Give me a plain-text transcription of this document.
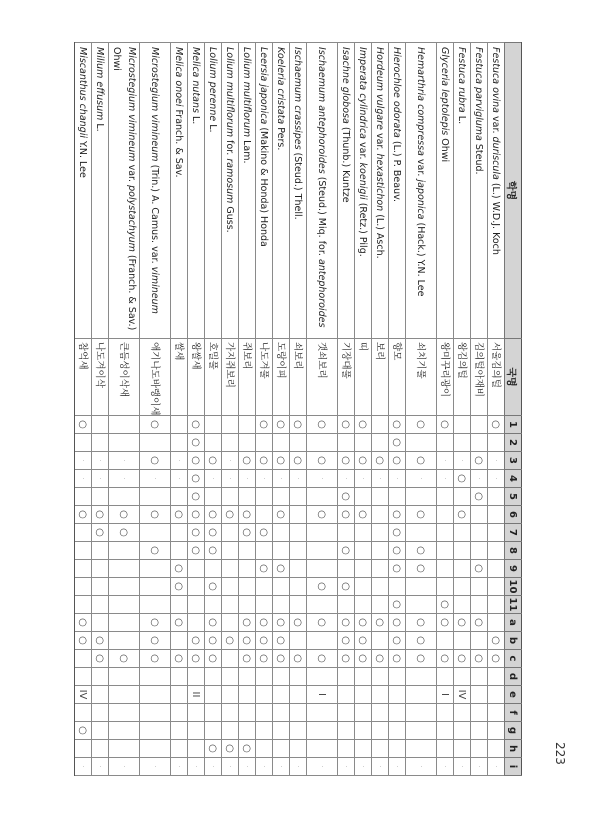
학명	국명	1	2	3	4	5	6	7	8	9	10	11	a	b	c	d	e	f	g	h	i
Festuca ovina var. duriscula (L.) W.D.J. Koch	서울김의털	○		·	·									○	○						·
Festuca parvigluma Steud.	김의털아재비			○	·	○				○			○		○						·
Festuca rubra L.	왕김의털			·	○		○						○		○		IV				·
Glyceria leptolepis Ohwi	왕미꾸리광이	○		·	·							○	○		○		I				·
Hemarthria compressa var. japonica (Hack.) Y.N. Lee	쇠치기풀	○		○	·		○		○	○			○	○	○						·
Hierochloe odorata (L.) P. Beauv.	향모	○	○	○	·		○	○	○	○		○	○	○	○						·
Hordeum vulgare var. hexastichon (L.) Asch.	보리			○	·								○		○						·
Imperata cylindrica var. koenigii (Retz.) Pilg.	띠	○		○	·		○						○	○	○						·
Isachne globosa (Thunb.) Kuntze	기장대풀	○		○	·	○	○		○		○		○	○	○						·
Ischaemum antephoroides (Steud.) Miq. for. antephoroides	갯쇠보리	○		○	·		○				○		○		○		I				·
Ischaemum crassipes (Steud.) Thell.	쇠보리	○		○	·								○		○						·
Koeleria cristata Pers.	도랑이피	○		○	·		○			○			○	○	○						·
Leersia japonica (Makino & Honda) Honda	나도겨풀	○		○	·			○		○			○	○	○						·
Lolium multiflorum Lam.	쥐보리			○	·		○	○					○	○	○					○	·
Lolium multiflorum for. ramosum Guss.	가지쥐보리			·	·		○							○						○	·
Lolium perenne L.	호밀풀			○	·		○	○	○		○		○	○	○					○	·
Melica nutans L.	왕쌀새	○	○	○	○	○	○	○	○					○	○		II				·
Melica onoei Franch. & Sav.	쌀새			·	·		○			○	○		○		○						·
Microstegium vimineum (Trin.) A. Camus. var. vimineum	애기나도바랭이새	○		○	·		○		○				○	○	○						·
Microstegium vimineum var. polystachyum (Franch. & Sav.) Ohwi	큰듬성이삭새			·	·		○	○							○						·
Milium effusum L.	나도겨이삭			·	·		○	○						○	○						·
Miscanthus changii Y.N. Lee	참억새	○		·	·		○						○	○			IV		○		·
223
